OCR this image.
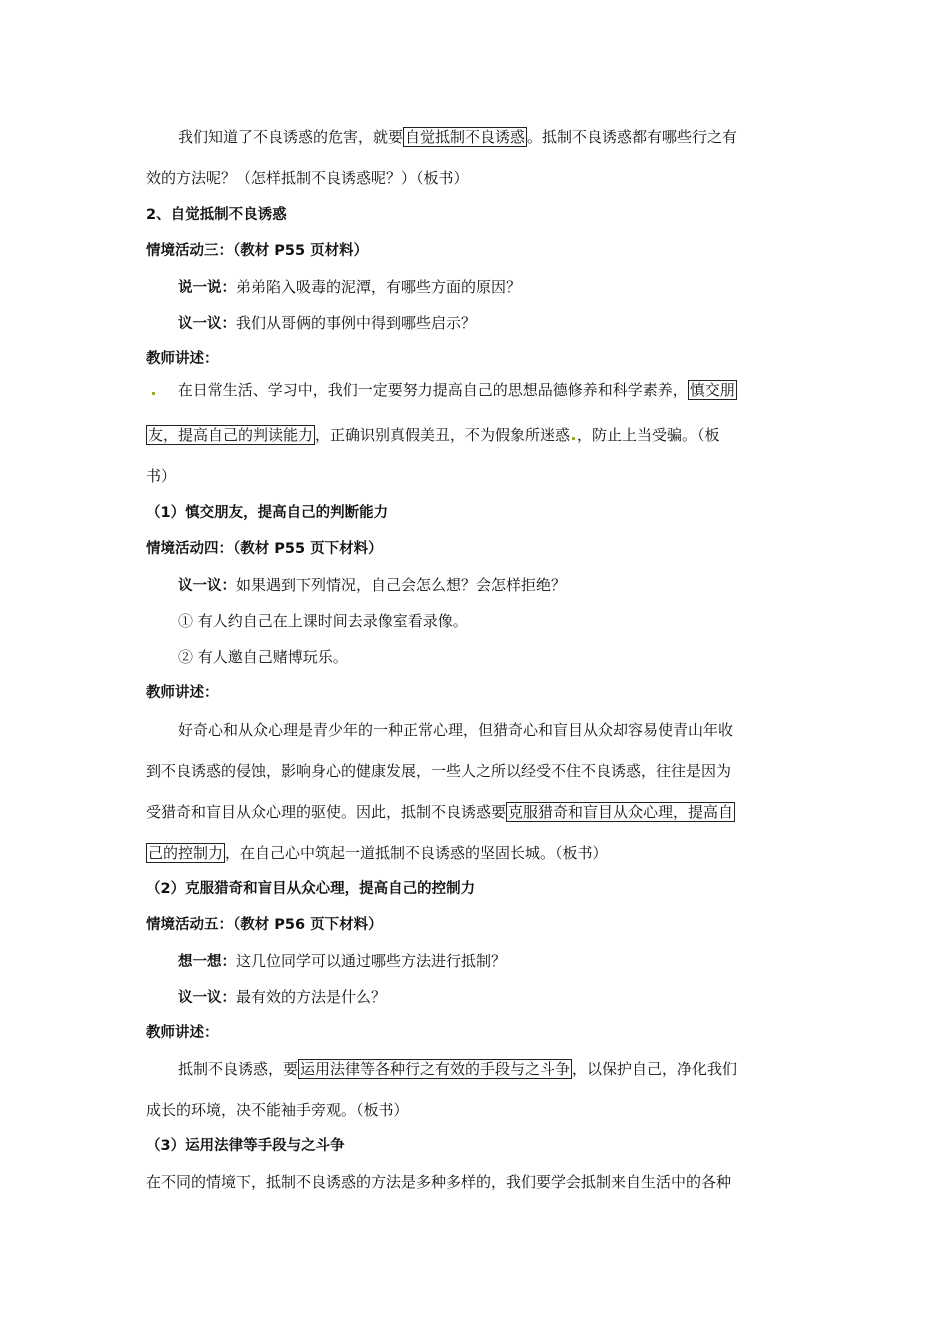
我们知道了不良诱惑的危害，就要 自觉抵制不良诱惑 。抵制不良诱惑都有哪些行之有
效的方法呢？（怎样抵制不良诱惑呢？）（板书）
2、自觉抵制不良诱惑
情境活动三：（教材 P55 页材料）
说一说：弟弟陷入吸毒的泥潭，有哪些方面的原因？
议一议：我们从哥俩的事例中得到哪些启示？
教师讲述：
在日常生活、学习中，我们一定要努力提高自己的思想品德修养和科学素养， 慎交朋
友，提高自己的判读能力 ，正确识别真假美丑，不为假象所迷惑 ，防止上当受骗。（板
书）
（1）慎交朋友，提高自己的判断能力
情境活动四：（教材 P55 页下材料）
议一议：如果遇到下列情况，自己会怎么想？会怎样拒绝？
① 有人约自己在上课时间去录像室看录像。
② 有人邀自己赌博玩乐。
教师讲述：
好奇心和从众心理是青少年的一种正常心理，但猎奇心和盲目从众却容易使青山年收
到不良诱惑的侵蚀，影响身心的健康发展，一些人之所以经受不住不良诱惑，往往是因为
受猎奇和盲目从众心理的驱使。因此，抵制不良诱惑要 克服猎奇和盲目从众心理，提高自
己的控制力 ，在自己心中筑起一道抵制不良诱惑的坚固长城。（板书）
（2）克服猎奇和盲目从众心理，提高自己的控制力
情境活动五：（教材 P56 页下材料）
想一想：这几位同学可以通过哪些方法进行抵制？
议一议：最有效的方法是什么？
教师讲述：
抵制不良诱惑，要 运用法律等各种行之有效的手段与之斗争 ，以保护自己，净化我们
成长的环境，决不能袖手旁观。（板书）
（3）运用法律等手段与之斗争
在不同的情境下，抵制不良诱惑的方法是多种多样的，我们要学会抵制来自生活中的各种
